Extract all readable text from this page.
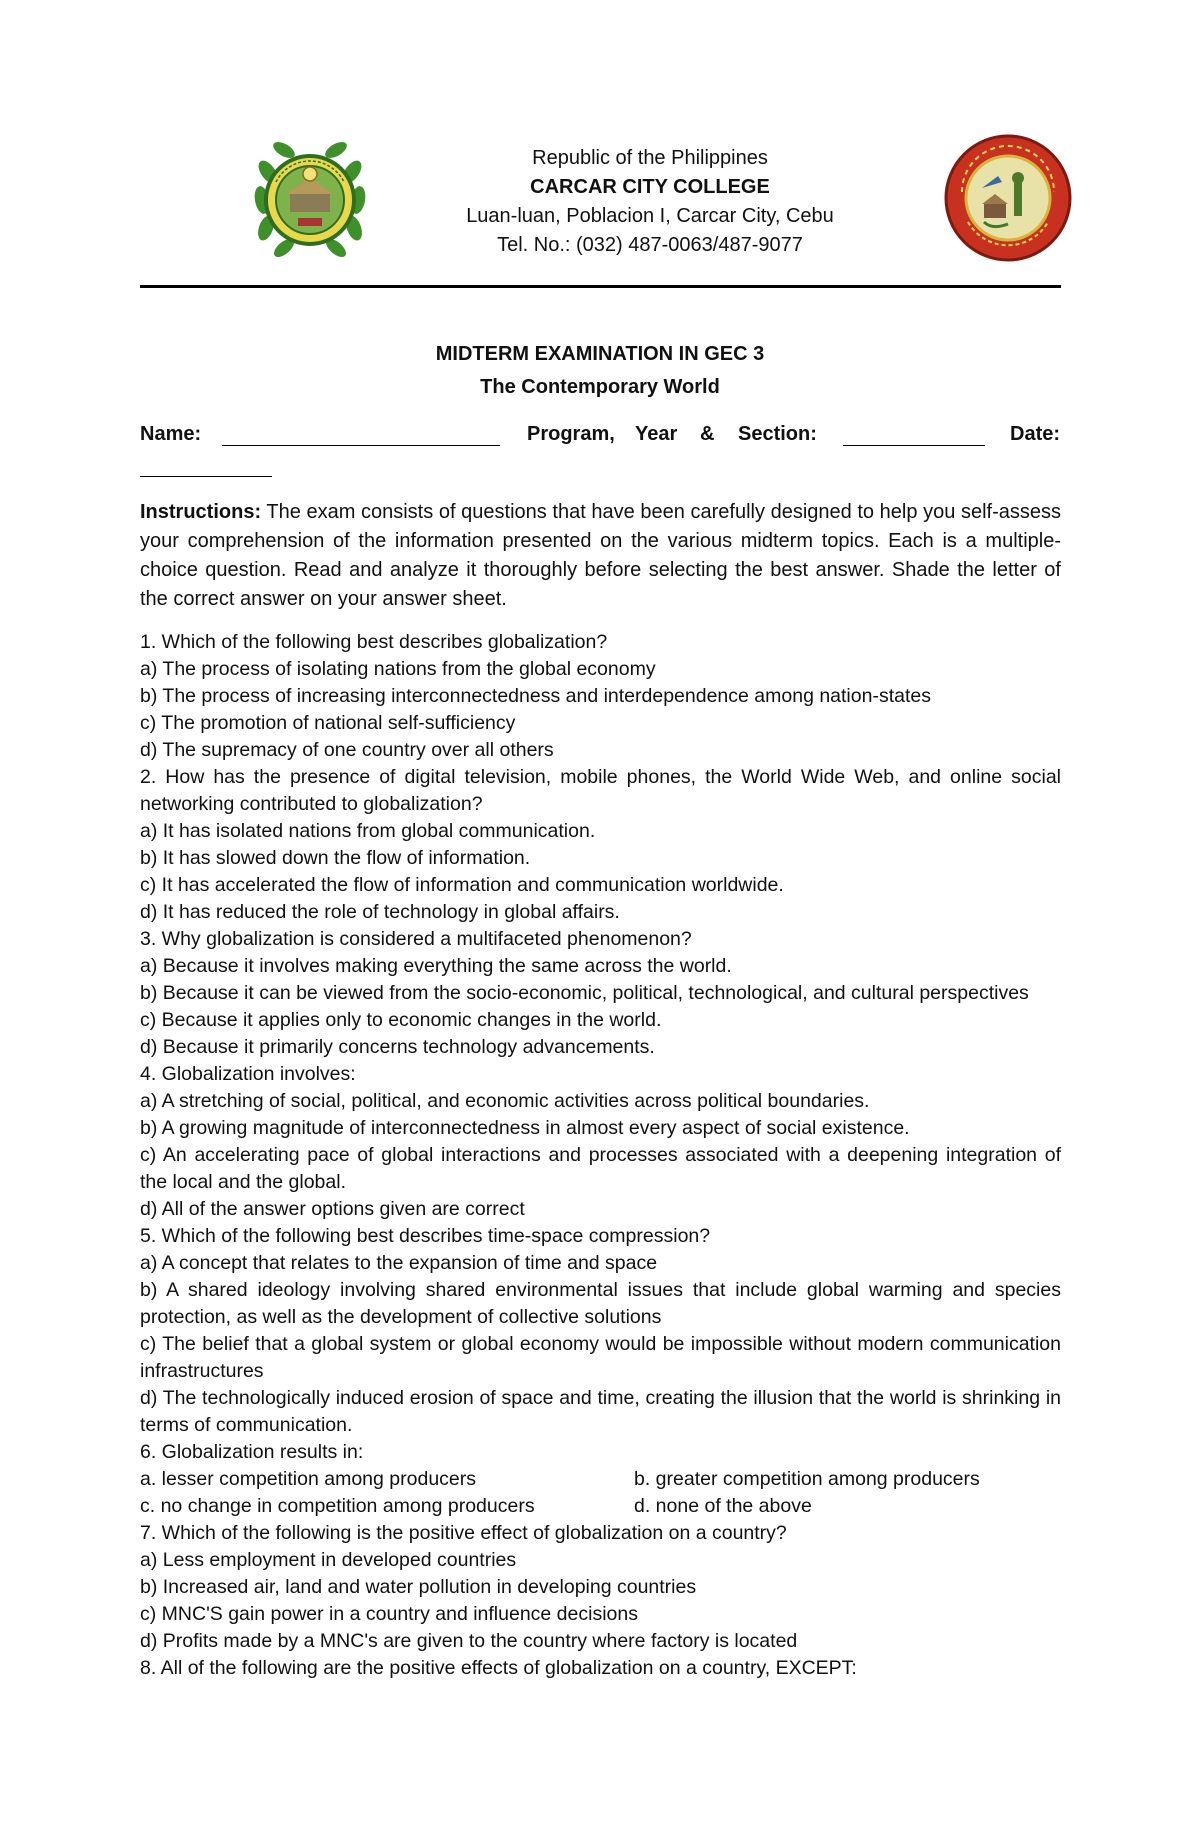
Republic of the Philippines
CARCAR CITY COLLEGE
Luan-luan, Poblacion I, Carcar City, Cebu
Tel. No.: (032) 487-0063/487-9077
MIDTERM EXAMINATION IN GEC 3
The Contemporary World
Name:	Program, Year & Section:	Date:
Instructions: The exam consists of questions that have been carefully designed to help you self-assess your comprehension of the information presented on the various midterm topics. Each is a multiple-choice question. Read and analyze it thoroughly before selecting the best answer. Shade the letter of the correct answer on your answer sheet.
1. Which of the following best describes globalization?
a) The process of isolating nations from the global economy
b) The process of increasing interconnectedness and interdependence among nation-states
c) The promotion of national self-sufficiency
d) The supremacy of one country over all others
2. How has the presence of digital television, mobile phones, the World Wide Web, and online social networking contributed to globalization?
a) It has isolated nations from global communication.
b) It has slowed down the flow of information.
c) It has accelerated the flow of information and communication worldwide.
d) It has reduced the role of technology in global affairs.
3. Why globalization is considered a multifaceted phenomenon?
a) Because it involves making everything the same across the world.
b) Because it can be viewed from the socio-economic, political, technological, and cultural perspectives
c) Because it applies only to economic changes in the world.
d) Because it primarily concerns technology advancements.
4. Globalization involves:
a) A stretching of social, political, and economic activities across political boundaries.
b) A growing magnitude of interconnectedness in almost every aspect of social existence.
c) An accelerating pace of global interactions and processes associated with a deepening integration of the local and the global.
d) All of the answer options given are correct
5. Which of the following best describes time-space compression?
a) A concept that relates to the expansion of time and space
b) A shared ideology involving shared environmental issues that include global warming and species protection, as well as the development of collective solutions
c) The belief that a global system or global economy would be impossible without modern communication infrastructures
d) The technologically induced erosion of space and time, creating the illusion that the world is shrinking in terms of communication.
6. Globalization results in:
a. lesser competition among producers	b. greater competition among producers
c. no change in competition among producers	d. none of the above
7. Which of the following is the positive effect of globalization on a country?
a) Less employment in developed countries
b) Increased air, land and water pollution in developing countries
c) MNC'S gain power in a country and influence decisions
d) Profits made by a MNC's are given to the country where factory is located
8. All of the following are the positive effects of globalization on a country, EXCEPT:
